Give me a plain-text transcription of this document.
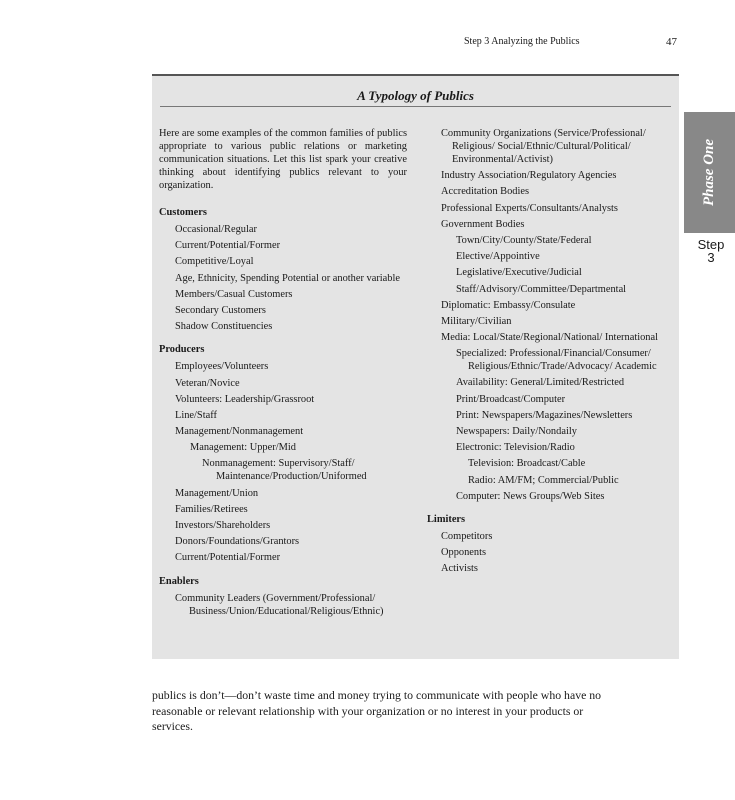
Step 3 Analyzing the Publics	47
A Typology of Publics

Here are some examples of the common families of publics appropriate to various public relations or marketing communication situations. Let this list spark your creative thinking about identifying publics relevant to your organization.

Customers
Occasional/Regular
Current/Potential/Former
Competitive/Loyal
Age, Ethnicity, Spending Potential or another variable
Members/Casual Customers
Secondary Customers
Shadow Constituencies
Producers
Employees/Volunteers
Veteran/Novice
Volunteers: Leadership/Grassroot
Line/Staff
Management/Nonmanagement
Management: Upper/Mid
Nonmanagement: Supervisory/Staff/ Maintenance/Production/Uniformed
Management/Union
Families/Retirees
Investors/Shareholders
Donors/Foundations/Grantors
Current/Potential/Former
Enablers
Community Leaders (Government/Professional/ Business/Union/Educational/Religious/Ethnic)
Community Organizations (Service/Professional/ Religious/ Social/Ethnic/Cultural/Political/ Environmental/Activist)
Industry Association/Regulatory Agencies
Accreditation Bodies
Professional Experts/Consultants/Analysts
Government Bodies
Town/City/County/State/Federal
Elective/Appointive
Legislative/Executive/Judicial
Staff/Advisory/Committee/Departmental
Diplomatic: Embassy/Consulate
Military/Civilian
Media: Local/State/Regional/National/ International
Specialized: Professional/Financial/Consumer/ Religious/Ethnic/Trade/Advocacy/ Academic
Availability: General/Limited/Restricted
Print/Broadcast/Computer
Print: Newspapers/Magazines/Newsletters
Newspapers: Daily/Nondaily
Electronic: Television/Radio
Television: Broadcast/Cable
Radio: AM/FM; Commercial/Public
Computer: News Groups/Web Sites
Limiters
Competitors
Opponents
Activists
Phase One
Step
3
publics is don’t—don’t waste time and money trying to communicate with people who have no reasonable or relevant relationship with your organization or no interest in your products or services.
